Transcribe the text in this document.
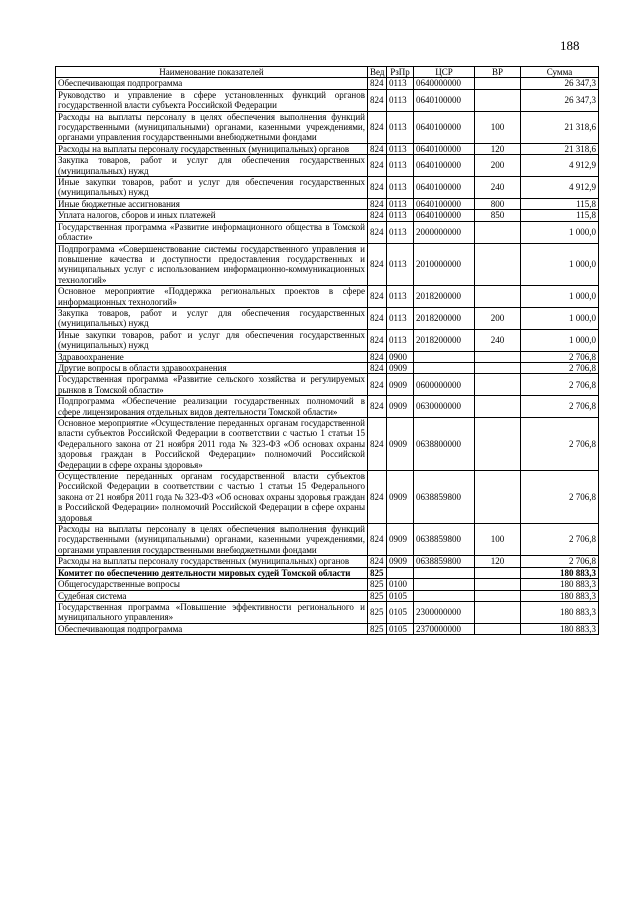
188
Наименование показателей	Вед	РзПр	ЦСР	ВР	Сумма
Обеспечивающая подпрограмма	824	0113	0640000000		26 347,3
Руководство и управление в сфере установленных функций органов государственной власти субъекта Российской Федерации	824	0113	0640100000		26 347,3
Расходы на выплаты персоналу в целях обеспечения выполнения функций государственными (муниципальными) органами, казенными учреждениями, органами управления государственными внебюджетными фондами	824	0113	0640100000	100	21 318,6
Расходы на выплаты персоналу государственных (муниципальных) органов	824	0113	0640100000	120	21 318,6
Закупка товаров, работ и услуг для обеспечения государственных (муниципальных) нужд	824	0113	0640100000	200	4 912,9
Иные закупки товаров, работ и услуг для обеспечения государственных (муниципальных) нужд	824	0113	0640100000	240	4 912,9
Иные бюджетные ассигнования	824	0113	0640100000	800	115,8
Уплата налогов, сборов и иных платежей	824	0113	0640100000	850	115,8
Государственная программа «Развитие информационного общества в Томской области»	824	0113	2000000000		1 000,0
Подпрограмма «Совершенствование системы государственного управления и повышение качества и доступности предоставления государственных и муниципальных услуг с использованием информационно-коммуникационных технологий»	824	0113	2010000000		1 000,0
Основное мероприятие «Поддержка региональных проектов в сфере информационных технологий»	824	0113	2018200000		1 000,0
Закупка товаров, работ и услуг для обеспечения государственных (муниципальных) нужд	824	0113	2018200000	200	1 000,0
Иные закупки товаров, работ и услуг для обеспечения государственных (муниципальных) нужд	824	0113	2018200000	240	1 000,0
Здравоохранение	824	0900			2 706,8
Другие вопросы в области здравоохранения	824	0909			2 706,8
Государственная программа «Развитие сельского хозяйства и регулируемых рынков в Томской области»	824	0909	0600000000		2 706,8
Подпрограмма «Обеспечение реализации государственных полномочий в сфере лицензирования отдельных видов деятельности Томской области»	824	0909	0630000000		2 706,8
Основное мероприятие «Осуществление переданных органам государственной власти субъектов Российской Федерации в соответствии с частью 1 статьи 15 Федерального закона от 21 ноября 2011 года № 323-ФЗ «Об основах охраны здоровья граждан в Российской Федерации» полномочий Российской Федерации в сфере охраны здоровья»	824	0909	0638800000		2 706,8
Осуществление переданных органам государственной власти субъектов Российской Федерации в соответствии с частью 1 статьи 15 Федерального закона от 21 ноября 2011 года № 323-ФЗ «Об основах охраны здоровья граждан в Российской Федерации» полномочий Российской Федерации в сфере охраны здоровья	824	0909	0638859800		2 706,8
Расходы на выплаты персоналу в целях обеспечения выполнения функций государственными (муниципальными) органами, казенными учреждениями, органами управления государственными внебюджетными фондами	824	0909	0638859800	100	2 706,8
Расходы на выплаты персоналу государственных (муниципальных) органов	824	0909	0638859800	120	2 706,8
Комитет по обеспечению деятельности мировых судей Томской области	825				180 883,3
Общегосударственные вопросы	825	0100			180 883,3
Судебная система	825	0105			180 883,3
Государственная программа «Повышение эффективности регионального и муниципального управления»	825	0105	2300000000		180 883,3
Обеспечивающая подпрограмма	825	0105	2370000000		180 883,3
